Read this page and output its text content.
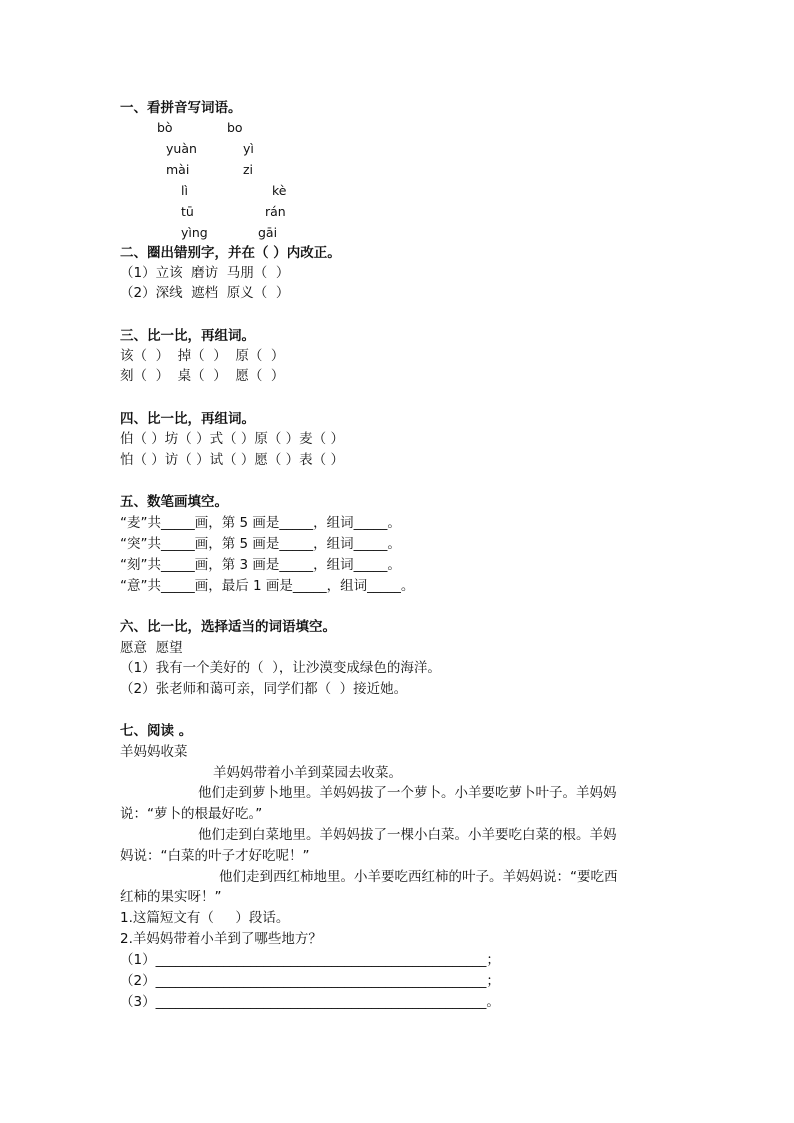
一、看拼音写词语。
bò	bo
yuàn	yì
mài	zi
lì	kè
tū	rán
yìng	gāi
二、圈出错别字，并在（ ）内改正。
（1）立该  磨访  马朋（  ）
（2）深线  遮档  原义（  ）
三、比一比，再组词。
该（  ）  掉（  ）  原（  ）
刻（  ）  桌（  ）  愿（  ）
四、比一比，再组词。
伯（ ）坊（ ）式（ ）原（ ）麦（ ）
怕（ ）访（ ）试（ ）愿（ ）表（ ）
五、数笔画填空。
“麦”共_____画，第 5 画是_____，组词_____。
“突”共_____画，第 5 画是_____，组词_____。
“刻”共_____画，第 3 画是_____，组词_____。
“意”共_____画，最后 1 画是_____，组词_____。
六、比一比，选择适当的词语填空。
愿意  愿望
（1）我有一个美好的（  ），让沙漠变成绿色的海洋。
（2）张老师和蔼可亲，同学们都（  ）接近她。
七、阅读 。
羊妈妈收菜
羊妈妈带着小羊到菜园去收菜。
他们走到萝卜地里。羊妈妈拔了一个萝卜。小羊要吃萝卜叶子。羊妈妈
说：“萝卜的根最好吃。”
他们走到白菜地里。羊妈妈拔了一棵小白菜。小羊要吃白菜的根。羊妈
妈说：“白菜的叶子才好吃呢！”
他们走到西红柿地里。小羊要吃西红柿的叶子。羊妈妈说：“要吃西
红柿的果实呀！”
1.这篇短文有（     ）段话。
2.羊妈妈带着小羊到了哪些地方？
（1）_________________________________________________；
（2）_________________________________________________；
（3）_________________________________________________。
